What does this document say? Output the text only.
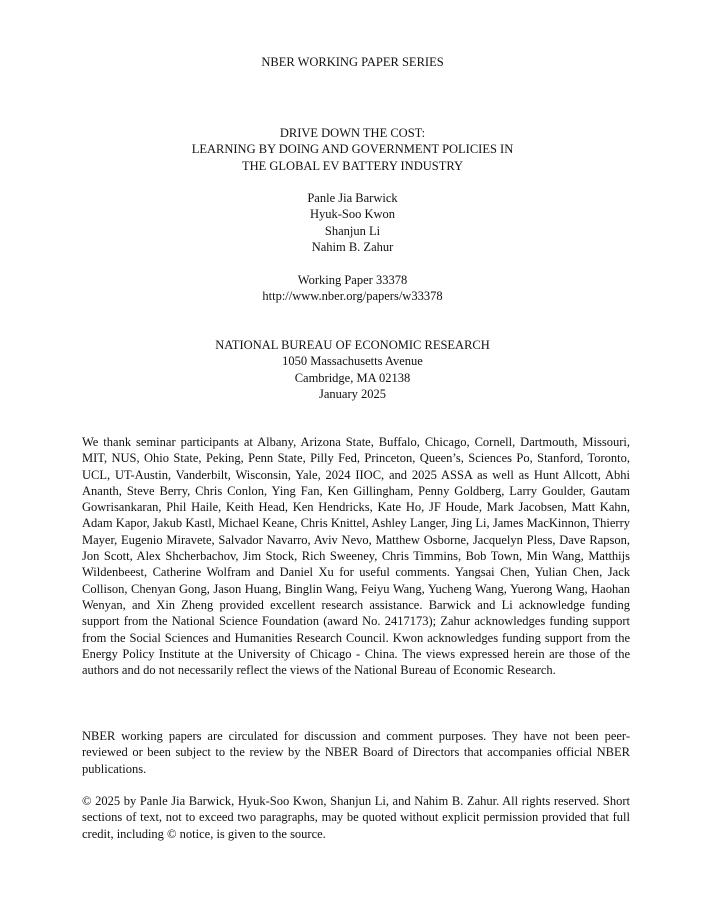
NBER WORKING PAPER SERIES
DRIVE DOWN THE COST:
LEARNING BY DOING AND GOVERNMENT POLICIES IN
THE GLOBAL EV BATTERY INDUSTRY
Panle Jia Barwick
Hyuk-Soo Kwon
Shanjun Li
Nahim B. Zahur
Working Paper 33378
http://www.nber.org/papers/w33378
NATIONAL BUREAU OF ECONOMIC RESEARCH
1050 Massachusetts Avenue
Cambridge, MA 02138
January 2025

We thank seminar participants at Albany, Arizona State, Buffalo, Chicago, Cornell, Dartmouth, Missouri, MIT, NUS, Ohio State, Peking, Penn State, Pilly Fed, Princeton, Queen’s, Sciences Po, Stanford, Toronto, UCL, UT-Austin, Vanderbilt, Wisconsin, Yale, 2024 IIOC, and 2025 ASSA as well as Hunt Allcott, Abhi Ananth, Steve Berry, Chris Conlon, Ying Fan, Ken Gillingham, Penny Goldberg, Larry Goulder, Gautam Gowrisankaran, Phil Haile, Keith Head, Ken Hendricks, Kate Ho, JF Houde, Mark Jacobsen, Matt Kahn, Adam Kapor, Jakub Kastl, Michael Keane, Chris Knittel, Ashley Langer, Jing Li, James MacKinnon, Thierry Mayer, Eugenio Miravete, Salvador Navarro, Aviv Nevo, Matthew Osborne, Jacquelyn Pless, Dave Rapson, Jon Scott, Alex Shcherbachov, Jim Stock, Rich Sweeney, Chris Timmins, Bob Town, Min Wang, Matthijs Wildenbeest, Catherine Wolfram and Daniel Xu for useful comments. Yangsai Chen, Yulian Chen, Jack Collison, Chenyan Gong, Jason Huang, Binglin Wang, Feiyu Wang, Yucheng Wang, Yuerong Wang, Haohan Wenyan, and Xin Zheng provided excellent research assistance. Barwick and Li acknowledge funding support from the National Science Foundation (award No. 2417173); Zahur acknowledges funding support from the Social Sciences and Humanities Research Council. Kwon acknowledges funding support from the Energy Policy Institute at the University of Chicago - China. The views expressed herein are those of the authors and do not necessarily reflect the views of the National Bureau of Economic Research.

NBER working papers are circulated for discussion and comment purposes. They have not been peer-reviewed or been subject to the review by the NBER Board of Directors that accompanies official NBER publications.

© 2025 by Panle Jia Barwick, Hyuk-Soo Kwon, Shanjun Li, and Nahim B. Zahur. All rights reserved. Short sections of text, not to exceed two paragraphs, may be quoted without explicit permission provided that full credit, including © notice, is given to the source.
